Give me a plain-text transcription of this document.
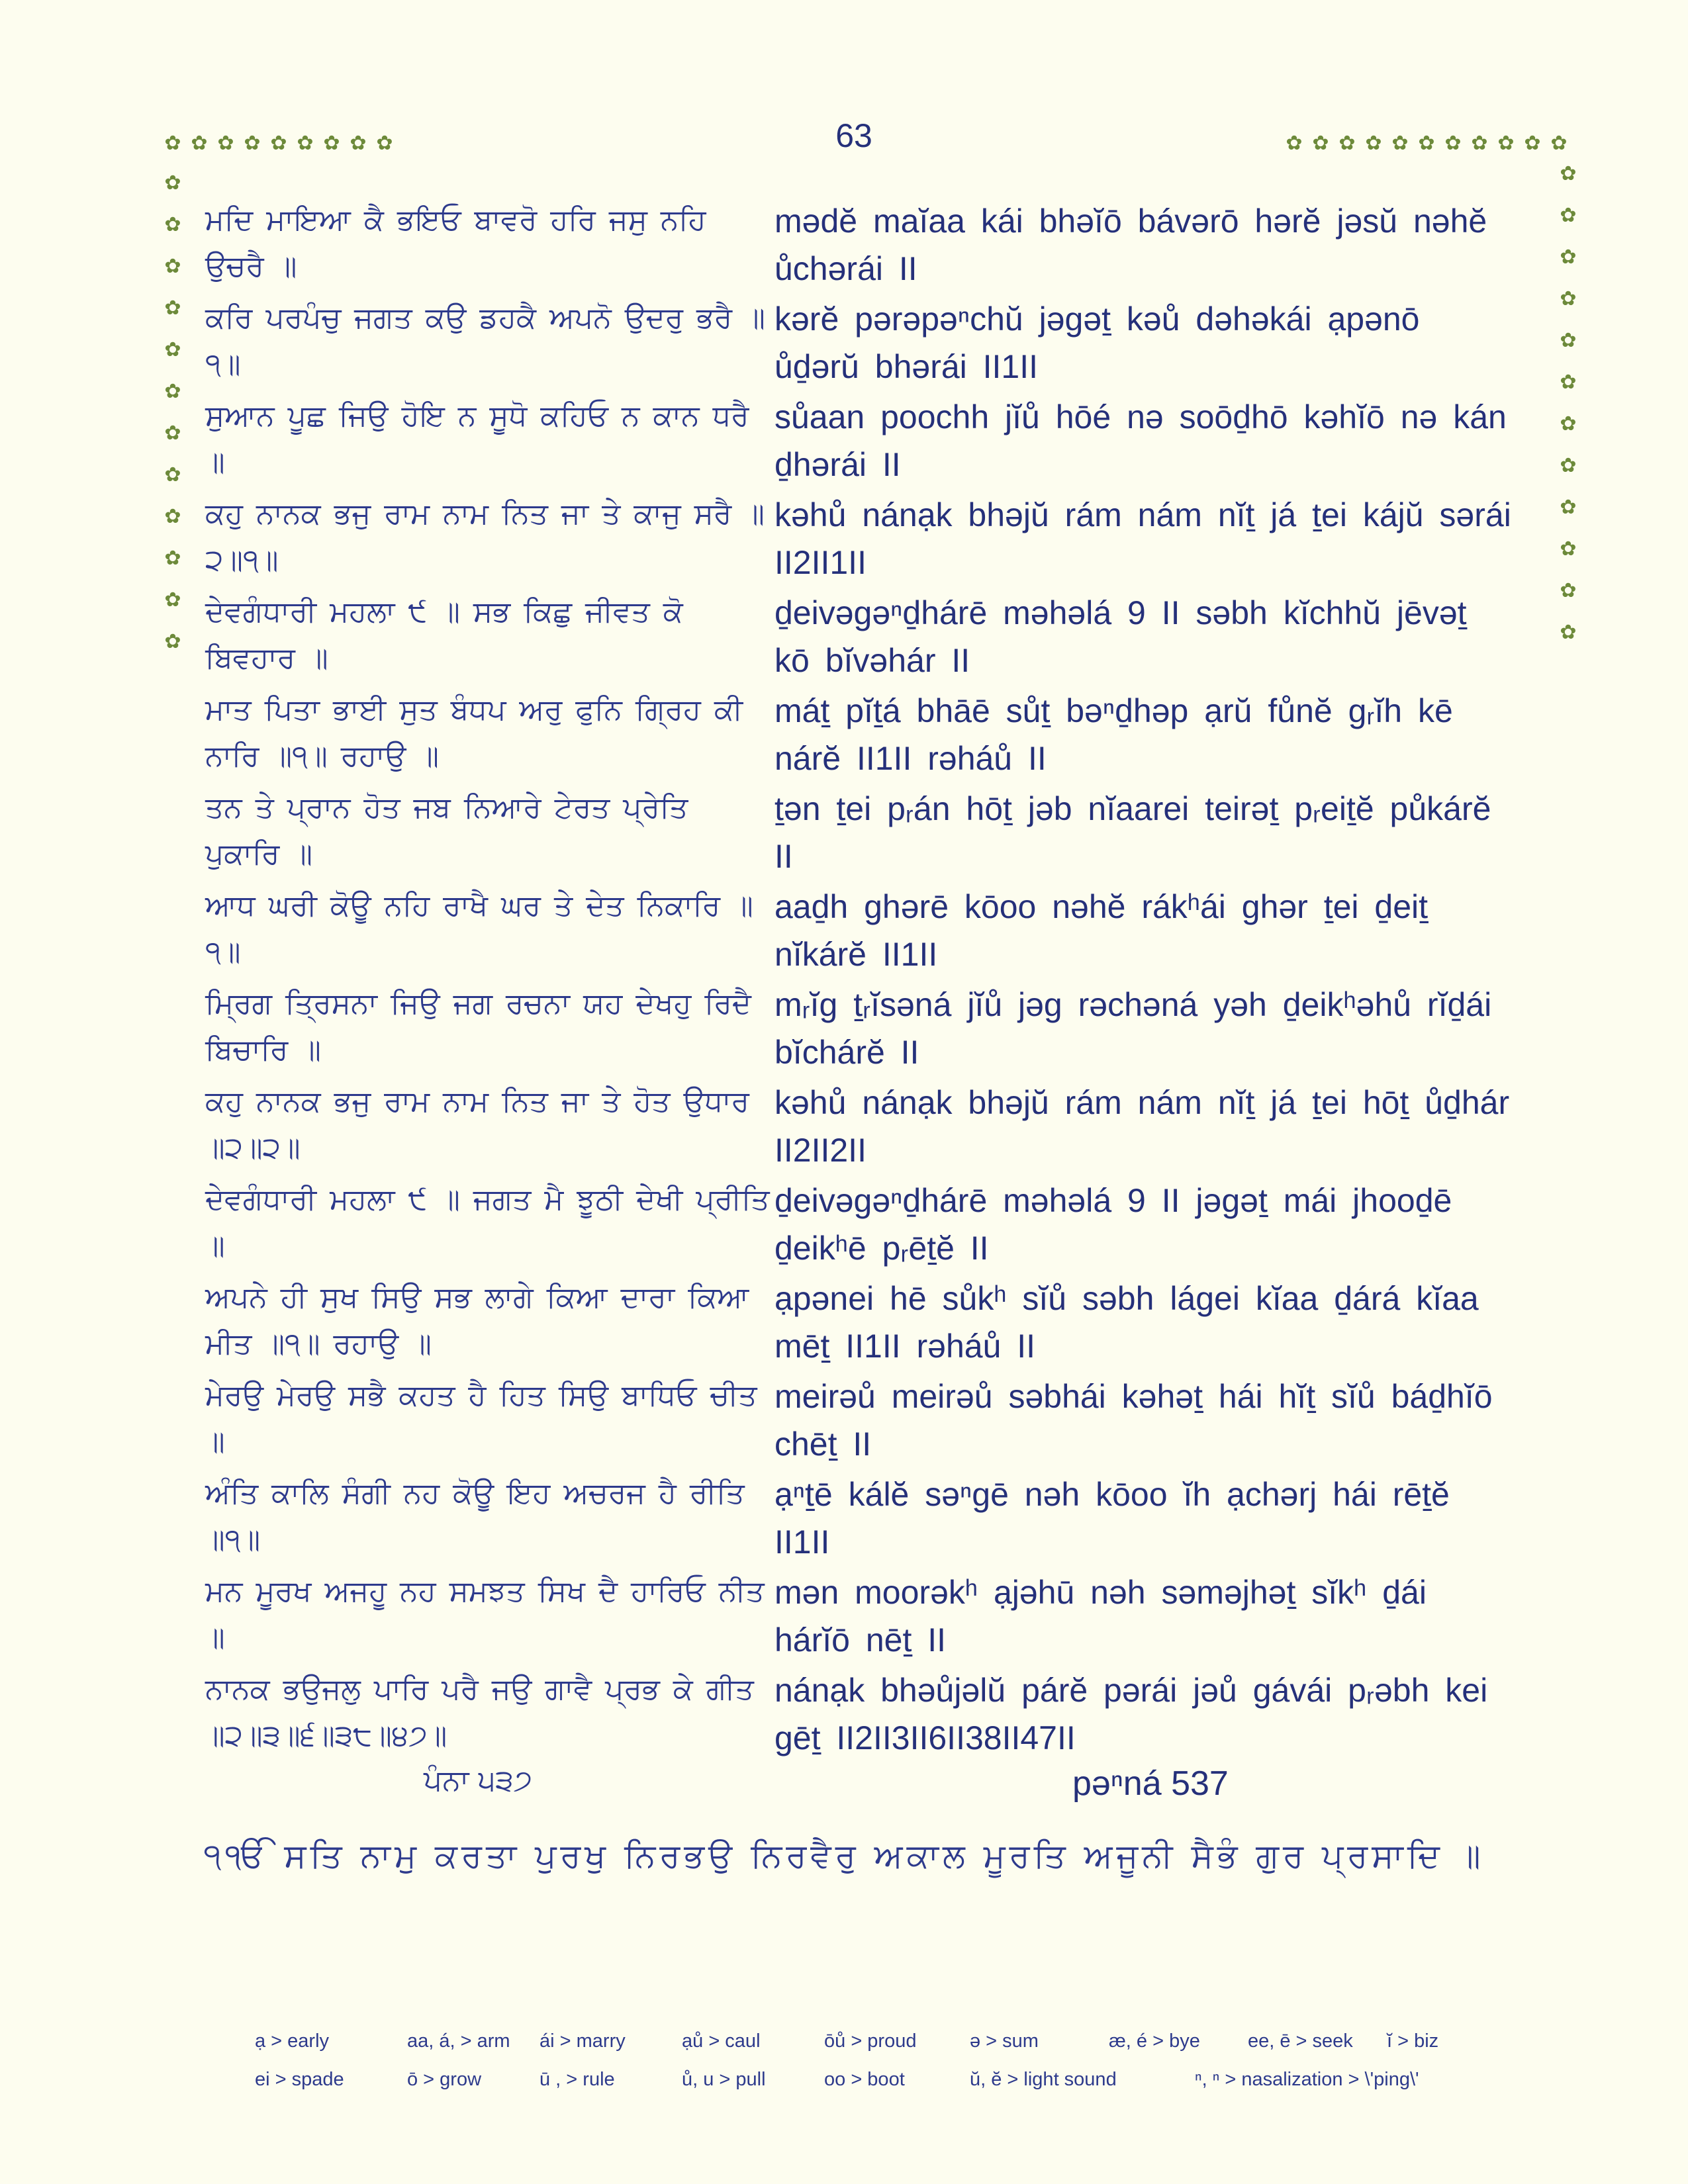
63
✿ ✿ ✿ ✿ ✿ ✿ ✿ ✿ ✿	✿ ✿ ✿ ✿ ✿ ✿ ✿ ✿ ✿ ✿ ✿
✿
✿
✿
✿
✿
✿
✿
✿
✿
✿
✿
✿
✿
✿
✿
✿
✿
✿
✿
✿
✿
✿
✿
✿
ਮਦਿ ਮਾਇਆ ਕੈ ਭਇਓ ਬਾਵਰੋ ਹਰਿ ਜਸੁ ਨਹਿ ਉਚਰੈ ॥
mədĕ maĭaa kái bhəĭō bávərō hərĕ jəsŭ nəhĕ ůchərái II
ਕਰਿ ਪਰਪੰਚੁ ਜਗਤ ਕਉ ਡਹਕੈ ਅਪਨੋ ਉਦਰੁ ਭਰੈ ॥੧॥
kərĕ pərəpəⁿchŭ jəgəṯ kəů dəhəkái ạpənō ůḏərŭ bhərái II1II
ਸੁਆਨ ਪੂਛ ਜਿਉ ਹੋਇ ਨ ਸੂਧੋ ਕਹਿਓ ਨ ਕਾਨ ਧਰੈ ॥
sůaan poochh jĭů hōé nə soōḏhō kəhĭō nə kán ḏhərái II
ਕਹੁ ਨਾਨਕ ਭਜੁ ਰਾਮ ਨਾਮ ਨਿਤ ਜਾ ਤੇ ਕਾਜੁ ਸਰੈ ॥੨॥੧॥
kəhů nánạk bhəjŭ rám nám nĭṯ já ṯei kájŭ sərái II2II1II
ਦੇਵਗੰਧਾਰੀ ਮਹਲਾ ੯ ॥ ਸਭ ਕਿਛੁ ਜੀਵਤ ਕੋ ਬਿਵਹਾਰ ॥
ḏeivəgəⁿḏhárē məhəlá 9 II səbh kĭchhŭ jēvəṯ kō bĭvəhár II
ਮਾਤ ਪਿਤਾ ਭਾਈ ਸੁਤ ਬੰਧਪ ਅਰੁ ਫੁਨਿ ਗ੍ਰਿਹ ਕੀ ਨਾਰਿ ॥੧॥ ਰਹਾਉ ॥
máṯ pĭṯá bhāē sůṯ bəⁿḏhəp ạrŭ fůnĕ gᵣĭh kē nárĕ II1II rəháů II
ਤਨ ਤੇ ਪ੍ਰਾਨ ਹੋਤ ਜਬ ਨਿਆਰੇ ਟੇਰਤ ਪ੍ਰੇਤਿ ਪੁਕਾਰਿ ॥
ṯən ṯei pᵣán hōṯ jəb nĭaarei teirəṯ pᵣeiṯĕ půkárĕ II
ਆਧ ਘਰੀ ਕੋਊ ਨਹਿ ਰਾਖੈ ਘਰ ਤੇ ਦੇਤ ਨਿਕਾਰਿ ॥੧॥
aaḏh ghərē kōoo nəhĕ rákʰái ghər ṯei ḏeiṯ nĭkárĕ II1II
ਮ੍ਰਿਗ ਤ੍ਰਿਸਨਾ ਜਿਉ ਜਗ ਰਚਨਾ ਯਹ ਦੇਖਹੁ ਰਿਦੈ ਬਿਚਾਰਿ ॥
mᵣĭg ṯᵣĭsəná jĭů jəg rəchəná yəh ḏeikʰəhů rĭḏái bĭchárĕ II
ਕਹੁ ਨਾਨਕ ਭਜੁ ਰਾਮ ਨਾਮ ਨਿਤ ਜਾ ਤੇ ਹੋਤ ਉਧਾਰ ॥੨॥੨॥
kəhů nánạk bhəjŭ rám nám nĭṯ já ṯei hōṯ ůḏhár II2II2II
ਦੇਵਗੰਧਾਰੀ ਮਹਲਾ ੯ ॥ ਜਗਤ ਮੈ ਝੂਠੀ ਦੇਖੀ ਪ੍ਰੀਤਿ ॥
ḏeivəgəⁿḏhárē məhəlá 9 II jəgəṯ mái jhooḏē ḏeikʰē pᵣēṯĕ II
ਅਪਨੇ ਹੀ ਸੁਖ ਸਿਉ ਸਭ ਲਾਗੇ ਕਿਆ ਦਾਰਾ ਕਿਆ ਮੀਤ ॥੧॥ ਰਹਾਉ ॥
ạpənei hē sůkʰ sĭů səbh lágei kĭaa ḏárá kĭaa mēṯ II1II rəháů II
ਮੇਰਉ ਮੇਰਉ ਸਭੈ ਕਹਤ ਹੈ ਹਿਤ ਸਿਉ ਬਾਧਿਓ ਚੀਤ ॥
meirəů meirəů səbhái kəhəṯ hái hĭṯ sĭů báḏhĭō chēṯ II
ਅੰਤਿ ਕਾਲਿ ਸੰਗੀ ਨਹ ਕੋਊ ਇਹ ਅਚਰਜ ਹੈ ਰੀਤਿ ॥੧॥
ạⁿṯē kálĕ səⁿgē nəh kōoo ĭh ạchərj hái rēṯĕ II1II
ਮਨ ਮੂਰਖ ਅਜਹੂ ਨਹ ਸਮਝਤ ਸਿਖ ਦੈ ਹਾਰਿਓ ਨੀਤ ॥
mən moorəkʰ ạjəhū nəh səməjhəṯ sĭkʰ ḏái hárĭō nēṯ II
ਨਾਨਕ ਭਉਜਲੁ ਪਾਰਿ ਪਰੈ ਜਉ ਗਾਵੈ ਪ੍ਰਭ ਕੇ ਗੀਤ ॥੨॥੩॥੬॥੩੮॥੪੭॥
nánạk bhəůjəlŭ párĕ pərái jəů gávái pᵣəbh kei gēṯ II2II3II6II38II47II
ਪੰਨਾ ੫੩੭	pəⁿná 537
੧ੴ ਸਤਿ ਨਾਮੁ ਕਰਤਾ ਪੁਰਖੁ ਨਿਰਭਉ ਨਿਰਵੈਰੁ ਅਕਾਲ ਮੂਰਤਿ ਅਜੂਨੀ ਸੈਭੰ ਗੁਰ ਪ੍ਰਸਾਦਿ ॥
ạ > early	aa, á, > arm ái > marry	ạů > caul	ōů > proud	ə > sum	æ, é > bye ee, ē > seek ĭ > biz
ei > spade	ō > grow	ū , > rule	ů, u > pull	oo > boot	ŭ, ĕ > light sound	ⁿ, ⁿ > nasalization > \'ping\'
